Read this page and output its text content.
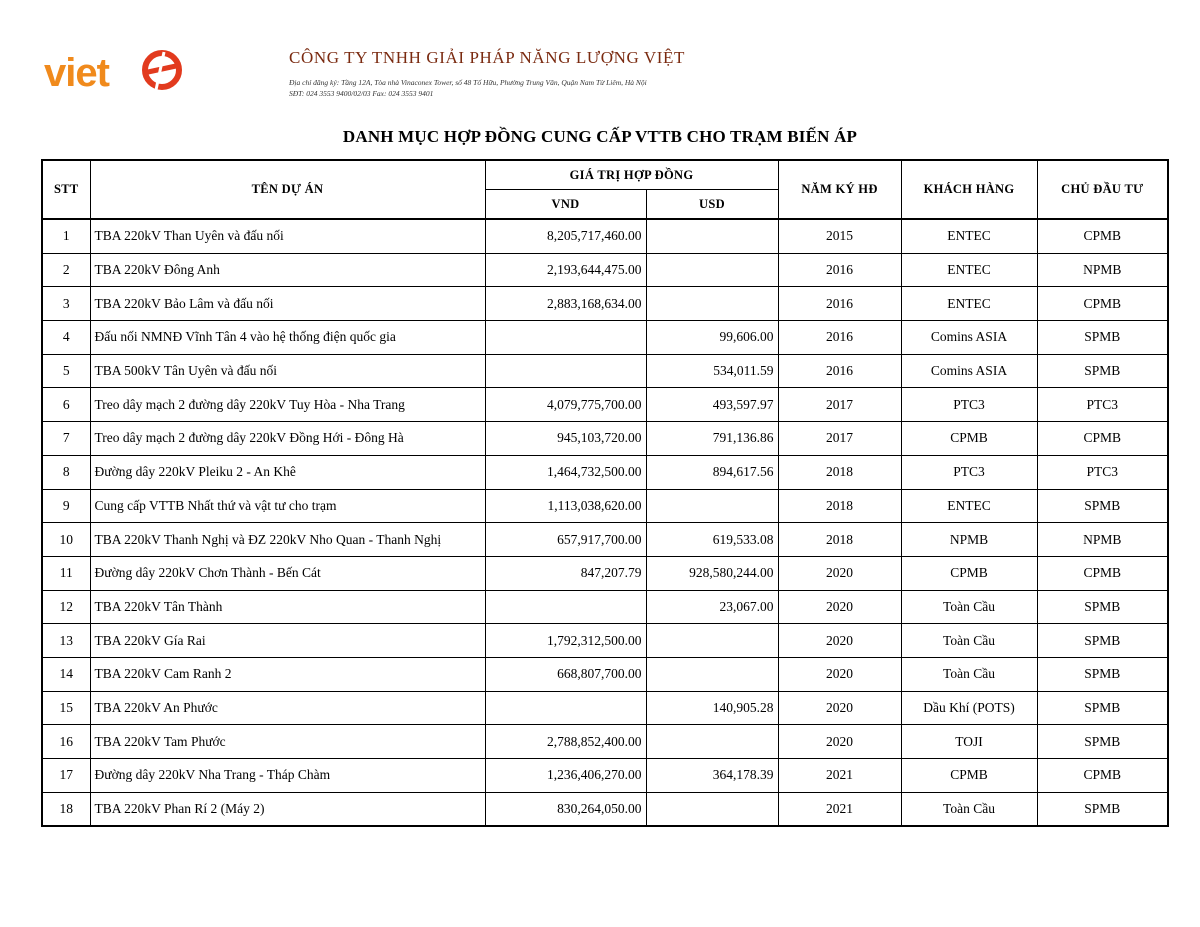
viet	CÔNG TY TNHH GIẢI PHÁP NĂNG LƯỢNG VIỆT
Địa chỉ đăng ký: Tầng 12A, Tòa nhà Vinaconex Tower, số 48 Tố Hữu, Phường Trung Văn, Quận Nam Từ Liêm, Hà Nội
SĐT: 024 3553 9400/02/03 Fax: 024 3553 9401
DANH MỤC HỢP ĐỒNG CUNG CẤP VTTB CHO TRẠM BIẾN ÁP
STT	TÊN DỰ ÁN	GIÁ TRỊ HỢP ĐỒNG		NĂM KÝ HĐ	KHÁCH HÀNG	CHỦ ĐẦU TƯ
		VND	USD			
1	TBA 220kV Than Uyên và đấu nối	8,205,717,460.00		2015	ENTEC	CPMB
2	TBA 220kV Đông Anh	2,193,644,475.00		2016	ENTEC	NPMB
3	TBA 220kV Bảo Lâm và đấu nối	2,883,168,634.00		2016	ENTEC	CPMB
4	Đấu nối NMNĐ Vĩnh Tân 4 vào hệ thống điện quốc gia		99,606.00	2016	Comins ASIA	SPMB
5	TBA 500kV Tân Uyên và đấu nối		534,011.59	2016	Comins ASIA	SPMB
6	Treo dây mạch 2 đường dây 220kV Tuy Hòa - Nha Trang	4,079,775,700.00	493,597.97	2017	PTC3	PTC3
7	Treo dây mạch 2 đường dây 220kV Đồng Hới - Đông Hà	945,103,720.00	791,136.86	2017	CPMB	CPMB
8	Đường dây 220kV Pleiku 2 - An Khê	1,464,732,500.00	894,617.56	2018	PTC3	PTC3
9	Cung cấp VTTB Nhất thứ và vật tư cho trạm	1,113,038,620.00		2018	ENTEC	SPMB
10	TBA 220kV Thanh Nghị và ĐZ 220kV Nho Quan - Thanh Nghị	657,917,700.00	619,533.08	2018	NPMB	NPMB
11	Đường dây 220kV Chơn Thành - Bến Cát	847,207.79	928,580,244.00	2020	CPMB	CPMB
12	TBA 220kV Tân Thành		23,067.00	2020	Toàn Cầu	SPMB
13	TBA 220kV Gía Rai	1,792,312,500.00		2020	Toàn Cầu	SPMB
14	TBA 220kV Cam Ranh 2	668,807,700.00		2020	Toàn Cầu	SPMB
15	TBA 220kV An Phước		140,905.28	2020	Dầu Khí (POTS)	SPMB
16	TBA 220kV Tam Phước	2,788,852,400.00		2020	TOJI	SPMB
17	Đường dây 220kV Nha Trang - Tháp Chàm	1,236,406,270.00	364,178.39	2021	CPMB	CPMB
18	TBA 220kV Phan Rí 2 (Máy 2)	830,264,050.00		2021	Toàn Cầu	SPMB
